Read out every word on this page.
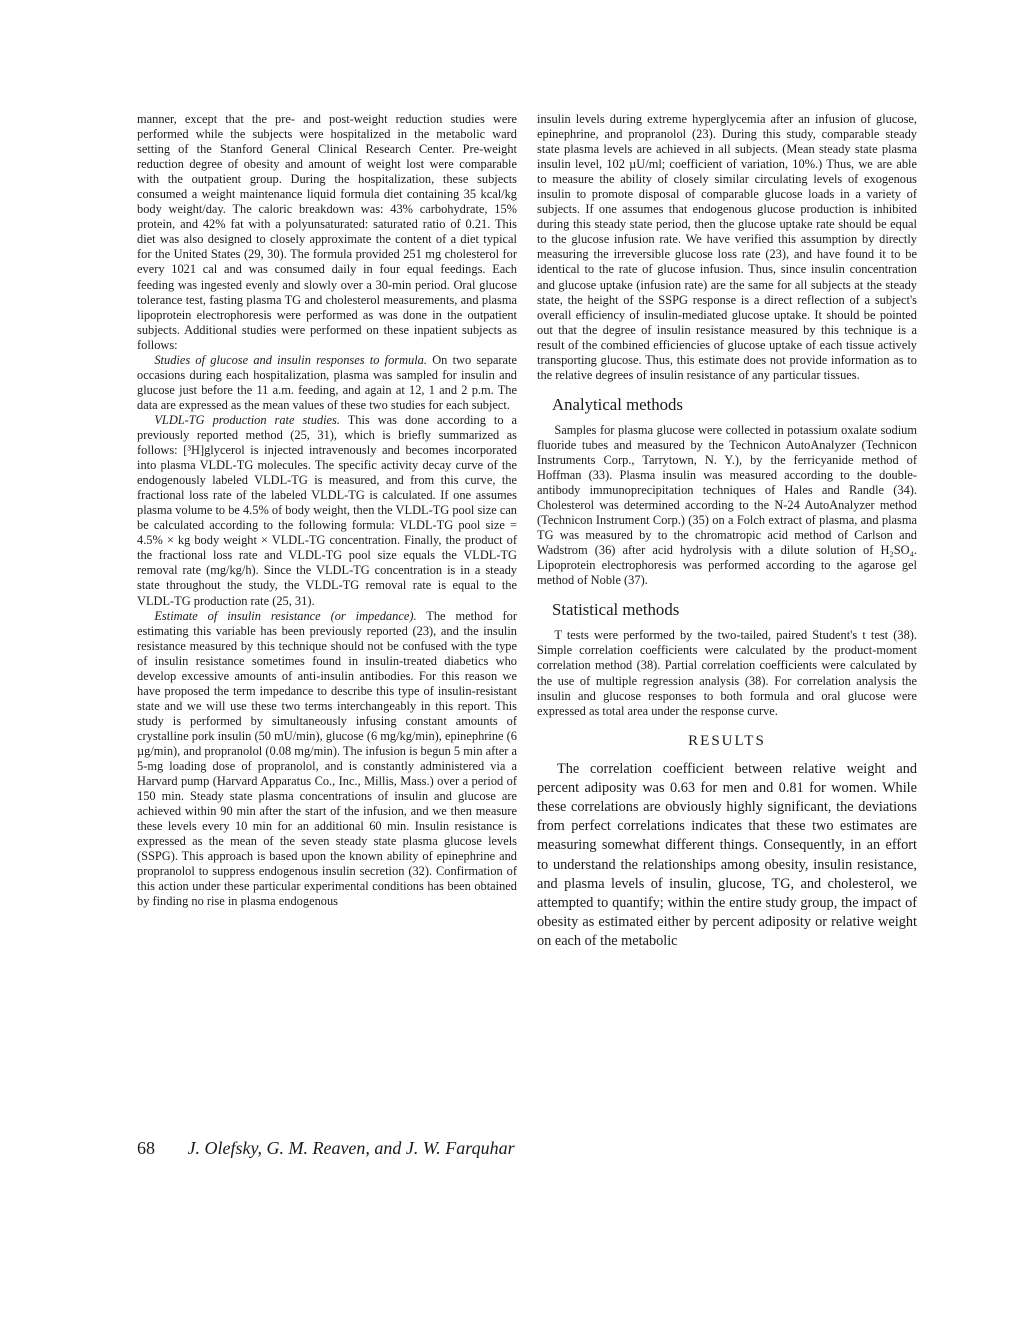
manner, except that the pre- and post-weight reduction studies were performed while the subjects were hospitalized in the metabolic ward setting of the Stanford General Clinical Research Center. Pre-weight reduction degree of obesity and amount of weight lost were comparable with the outpatient group. During the hospitalization, these subjects consumed a weight maintenance liquid formula diet containing 35 kcal/kg body weight/day. The caloric breakdown was: 43% carbohydrate, 15% protein, and 42% fat with a polyunsaturated: saturated ratio of 0.21. This diet was also designed to closely approximate the content of a diet typical for the United States (29, 30). The formula provided 251 mg cholesterol for every 1021 cal and was consumed daily in four equal feedings. Each feeding was ingested evenly and slowly over a 30-min period. Oral glucose tolerance test, fasting plasma TG and cholesterol measurements, and plasma lipoprotein electrophoresis were performed as was done in the outpatient subjects. Additional studies were performed on these inpatient subjects as follows:

Studies of glucose and insulin responses to formula. On two separate occasions during each hospitalization, plasma was sampled for insulin and glucose just before the 11 a.m. feeding, and again at 12, 1 and 2 p.m. The data are expressed as the mean values of these two studies for each subject.

VLDL-TG production rate studies. This was done according to a previously reported method (25, 31), which is briefly summarized as follows: [³H]glycerol is injected intravenously and becomes incorporated into plasma VLDL-TG molecules. The specific activity decay curve of the endogenously labeled VLDL-TG is measured, and from this curve, the fractional loss rate of the labeled VLDL-TG is calculated. If one assumes plasma volume to be 4.5% of body weight, then the VLDL-TG pool size can be calculated according to the following formula: VLDL-TG pool size = 4.5% × kg body weight × VLDL-TG concentration. Finally, the product of the fractional loss rate and VLDL-TG pool size equals the VLDL-TG removal rate (mg/kg/h). Since the VLDL-TG concentration is in a steady state throughout the study, the VLDL-TG removal rate is equal to the VLDL-TG production rate (25, 31).

Estimate of insulin resistance (or impedance). The method for estimating this variable has been previously reported (23), and the insulin resistance measured by this technique should not be confused with the type of insulin resistance sometimes found in insulin-treated diabetics who develop excessive amounts of anti-insulin antibodies. For this reason we have proposed the term impedance to describe this type of insulin-resistant state and we will use these two terms interchangeably in this report. This study is performed by simultaneously infusing constant amounts of crystalline pork insulin (50 mU/min), glucose (6 mg/kg/min), epinephrine (6 µg/min), and propranolol (0.08 mg/min). The infusion is begun 5 min after a 5-mg loading dose of propranolol, and is constantly administered via a Harvard pump (Harvard Apparatus Co., Inc., Millis, Mass.) over a period of 150 min. Steady state plasma concentrations of insulin and glucose are achieved within 90 min after the start of the infusion, and we then measure these levels every 10 min for an additional 60 min. Insulin resistance is expressed as the mean of the seven steady state plasma glucose levels (SSPG). This approach is based upon the known ability of epinephrine and propranolol to suppress endogenous insulin secretion (32). Confirmation of this action under these particular experimental conditions has been obtained by finding no rise in plasma endogenous

insulin levels during extreme hyperglycemia after an infusion of glucose, epinephrine, and propranolol (23). During this study, comparable steady state plasma levels are achieved in all subjects. (Mean steady state plasma insulin level, 102 µU/ml; coefficient of variation, 10%.) Thus, we are able to measure the ability of closely similar circulating levels of exogenous insulin to promote disposal of comparable glucose loads in a variety of subjects. If one assumes that endogenous glucose production is inhibited during this steady state period, then the glucose uptake rate should be equal to the glucose infusion rate. We have verified this assumption by directly measuring the irreversible glucose loss rate (23), and have found it to be identical to the rate of glucose infusion. Thus, since insulin concentration and glucose uptake (infusion rate) are the same for all subjects at the steady state, the height of the SSPG response is a direct reflection of a subject's overall efficiency of insulin-mediated glucose uptake. It should be pointed out that the degree of insulin resistance measured by this technique is a result of the combined efficiencies of glucose uptake of each tissue actively transporting glucose. Thus, this estimate does not provide information as to the relative degrees of insulin resistance of any particular tissues.

Analytical methods

Samples for plasma glucose were collected in potassium oxalate sodium fluoride tubes and measured by the Technicon AutoAnalyzer (Technicon Instruments Corp., Tarrytown, N. Y.), by the ferricyanide method of Hoffman (33). Plasma insulin was measured according to the double-antibody immunoprecipitation techniques of Hales and Randle (34). Cholesterol was determined according to the N-24 AutoAnalyzer method (Technicon Instrument Corp.) (35) on a Folch extract of plasma, and plasma TG was measured by to the chromatropic acid method of Carlson and Wadstrom (36) after acid hydrolysis with a dilute solution of H₂SO₄. Lipoprotein electrophoresis was performed according to the agarose gel method of Noble (37).

Statistical methods

T tests were performed by the two-tailed, paired Student's t test (38). Simple correlation coefficients were calculated by the product-moment correlation method (38). Partial correlation coefficients were calculated by the use of multiple regression analysis (38). For correlation analysis the insulin and glucose responses to both formula and oral glucose were expressed as total area under the response curve.

RESULTS

The correlation coefficient between relative weight and percent adiposity was 0.63 for men and 0.81 for women. While these correlations are obviously highly significant, the deviations from perfect correlations indicates that these two estimates are measuring somewhat different things. Consequently, in an effort to understand the relationships among obesity, insulin resistance, and plasma levels of insulin, glucose, TG, and cholesterol, we attempted to quantify; within the entire study group, the impact of obesity as estimated either by percent adiposity or relative weight on each of the metabolic

68 J. Olefsky, G. M. Reaven, and J. W. Farquhar
